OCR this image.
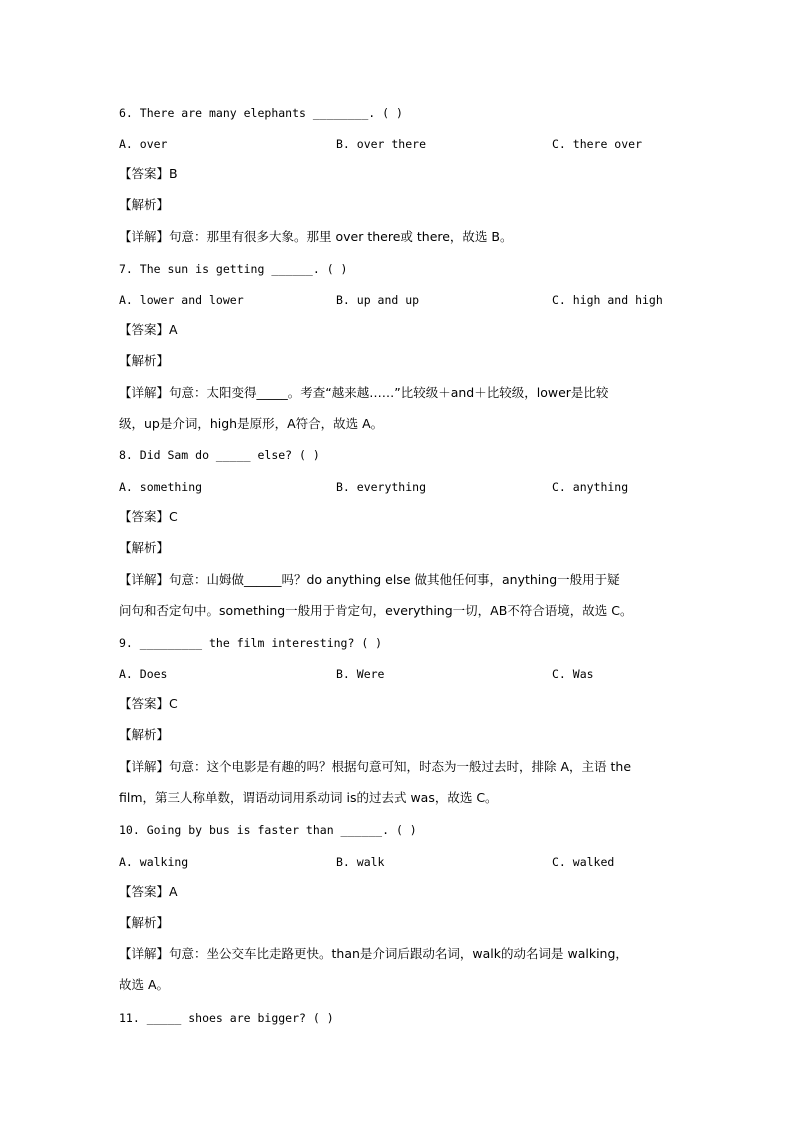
6. There are many elephants ________. ( )
A. over	B. over there	C. there over
【答案】B
【解析】
【详解】句意：那里有很多大象。那里 over there或 there，故选 B。
7. The sun is getting ______. ( )
A. lower and lower	B. up and up	C. high and high
【答案】A
【解析】
【详解】句意：太阳变得_____。考查“越来越……”比较级＋and＋比较级，lower是比较
级，up是介词，high是原形，A符合，故选 A。
8. Did Sam do _____ else? ( )
A. something	B. everything	C. anything
【答案】C
【解析】
【详解】句意：山姆做______吗？do anything else 做其他任何事，anything一般用于疑
问句和否定句中。something一般用于肯定句，everything一切，AB不符合语境，故选 C。
9. _________ the film interesting? ( )
A. Does	B. Were	C. Was
【答案】C
【解析】
【详解】句意：这个电影是有趣的吗？根据句意可知，时态为一般过去时，排除 A，主语 the
film，第三人称单数，谓语动词用系动词 is的过去式 was，故选 C。
10. Going by bus is faster than ______. ( )
A. walking	B. walk	C. walked
【答案】A
【解析】
【详解】句意：坐公交车比走路更快。than是介词后跟动名词，walk的动名词是 walking，
故选 A。
11. _____ shoes are bigger? ( )
